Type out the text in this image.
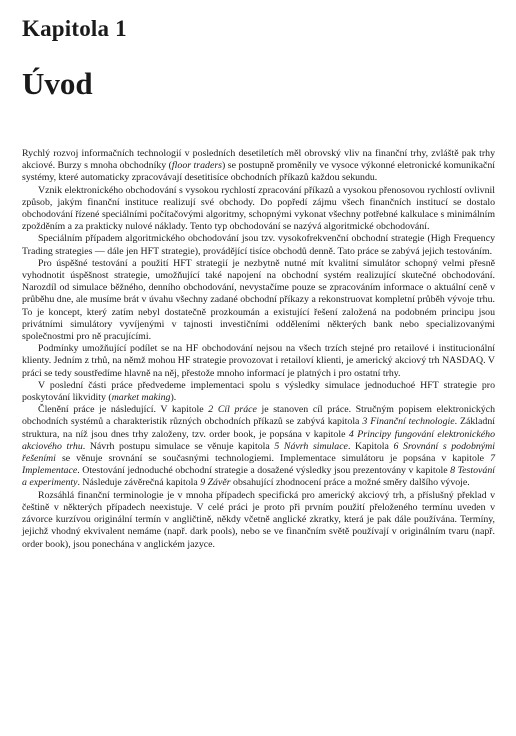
Kapitola 1
Úvod

Rychlý rozvoj informačních technologií v posledních desetiletích měl obrovský vliv na finanční trhy, zvláště pak trhy akciové. Burzy s mnoha obchodníky (floor traders) se postupně proměnily ve vysoce výkonné eletronické komunikační systémy, které automaticky zpracovávají desetitisíce obchodních příkazů každou sekundu.

Vznik elektronického obchodování s vysokou rychlostí zpracování příkazů a vysokou přenosovou rychlostí ovlivnil způsob, jakým finanční instituce realizují své obchody. Do popředí zájmu všech finančních institucí se dostalo obchodování řízené speciálními počítačovými algoritmy, schopnými vykonat všechny potřebné kalkulace s minimálním zpožděním a za prakticky nulové náklady. Tento typ obchodování se nazývá algoritmické obchodování.

Speciálním případem algoritmického obchodování jsou tzv. vysokofrekvenční obchodní strategie (High Frequency Trading strategies — dále jen HFT strategie), provádějící tisíce obchodů denně. Tato práce se zabývá jejich testováním.

Pro úspěšné testování a použití HFT strategií je nezbytně nutné mít kvalitní simulátor schopný velmi přesně vyhodnotit úspěšnost strategie, umožňující také napojení na obchodní systém realizující skutečné obchodování. Narozdíl od simulace běžného, denního obchodování, nevystačíme pouze se zpracováním informace o aktuální ceně v průběhu dne, ale musíme brát v úvahu všechny zadané obchodní příkazy a rekonstruovat kompletní průběh vývoje trhu. To je koncept, který zatím nebyl dostatečně prozkoumán a existující řešení založená na podobném principu jsou privátními simulátory vyvíjenými v tajnosti investičními odděleními některých bank nebo specializovanými společnostmi pro ně pracujícími.

Podmínky umožňující podílet se na HF obchodování nejsou na všech trzích stejné pro retailové i institucionální klienty. Jedním z trhů, na němž mohou HF strategie provozovat i retailoví klienti, je americký akciový trh NASDAQ. V práci se tedy soustředíme hlavně na něj, přestože mnoho informací je platných i pro ostatní trhy.

V poslední části práce předvedeme implementaci spolu s výsledky simulace jednoduchoé HFT strategie pro poskytování likvidity (market making).

Členění práce je následující. V kapitole 2 Cíl práce je stanoven cíl práce. Stručným popisem elektronických obchodních systémů a charakteristik různých obchodních příkazů se zabývá kapitola 3 Finanční technologie. Základní struktura, na níž jsou dnes trhy založeny, tzv. order book, je popsána v kapitole 4 Principy fungování elektronického akciového trhu. Návrh postupu simulace se věnuje kapitola 5 Návrh simulace. Kapitola 6 Srovnání s podobnými řešeními se věnuje srovnání se současnými technologiemi. Implementace simulátoru je popsána v kapitole 7 Implementace. Otestování jednoduché obchodní strategie a dosažené výsledky jsou prezentovány v kapitole 8 Testování a experimenty. Následuje závěrečná kapitola 9 Závěr obsahující zhodnocení práce a možné směry dalšího vývoje.

Rozsáhlá finanční terminologie je v mnoha případech specifická pro americký akciový trh, a příslušný překlad v češtině v některých případech neexistuje. V celé práci je proto při prvním použití přeloženého termínu uveden v závorce kurzívou originální termín v angličtině, někdy včetně anglické zkratky, která je pak dále používána. Termíny, jejichž vhodný ekvivalent nemáme (např. dark pools), nebo se ve finančním světě používají v originálním tvaru (např. order book), jsou ponechána v anglickém jazyce.
